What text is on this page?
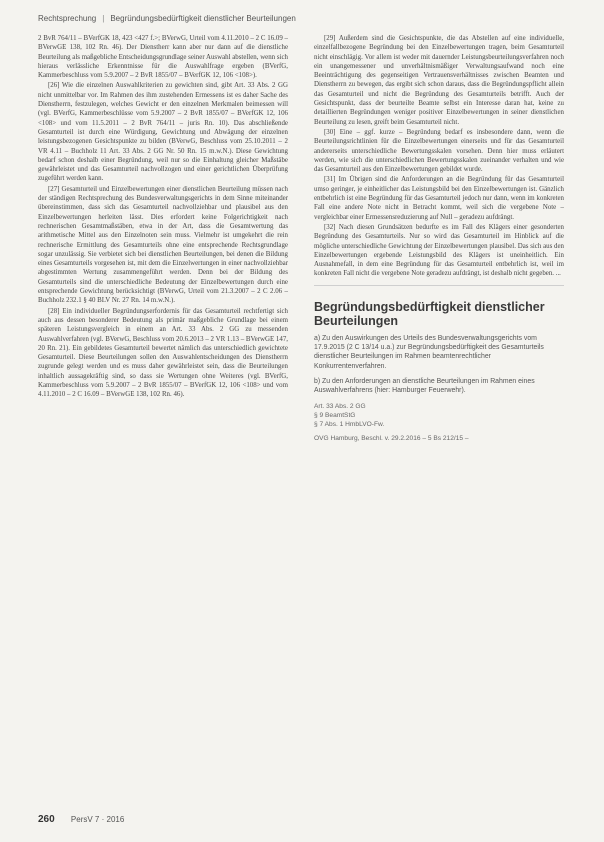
Rechtsprechung | Begründungsbedürftigkeit dienstlicher Beurteilungen

2 BvR 764/11 – BVerfGK 18, 423 <427 f.>; BVerwG, Urteil vom 4.11.2010 – 2 C 16.09 – BVerwGE 138, 102 Rn. 46). Der Dienstherr kann aber nur dann auf die dienstliche Beurteilung als maßgebliche Entscheidungsgrundlage seiner Auswahl abstellen, wenn sich hieraus verlässliche Erkenntnisse für die Auswahlfrage ergeben (BVerfG, Kammerbeschluss vom 5.9.2007 – 2 BvR 1855/07 – BVerfGK 12, 106 <108>).

[26] Wie die einzelnen Auswahlkriterien zu gewichten sind, gibt Art. 33 Abs. 2 GG nicht unmittelbar vor. Im Rahmen des ihm zustehenden Ermessens ist es daher Sache des Dienstherrn, festzulegen, welches Gewicht er den einzelnen Merkmalen beimessen will (vgl. BVerfG, Kammerbeschlüsse vom 5.9.2007 – 2 BvR 1855/07 – BVerfGK 12, 106 <108> und vom 11.5.2011 – 2 BvR 764/11 – juris Rn. 10). Das abschließende Gesamturteil ist durch eine Würdigung, Gewichtung und Abwägung der einzelnen leistungsbezogenen Gesichtspunkte zu bilden (BVerwG, Beschluss vom 25.10.2011 – 2 VR 4.11 – Buchholz 11 Art. 33 Abs. 2 GG Nr. 50 Rn. 15 m.w.N.). Diese Gewichtung bedarf schon deshalb einer Begründung, weil nur so die Einhaltung gleicher Maßstäbe gewährleistet und das Gesamturteil nachvollzogen und einer gerichtlichen Überprüfung zugeführt werden kann.

[27] Gesamturteil und Einzelbewertungen einer dienstlichen Beurteilung müssen nach der ständigen Rechtsprechung des Bundesverwaltungsgerichts in dem Sinne miteinander übereinstimmen, dass sich das Gesamturteil nachvollziehbar und plausibel aus den Einzelbewertungen herleiten lässt. Dies erfordert keine Folgerichtigkeit nach rechnerischen Gesamtmaßstäben, etwa in der Art, dass die Gesamtwertung das arithmetische Mittel aus den Einzelnoten sein muss. Vielmehr ist umgekehrt die rein rechnerische Ermittlung des Gesamturteils ohne eine entsprechende Rechtsgrundlage sogar unzulässig. Sie verbietet sich bei dienstlichen Beurteilungen, bei denen die Bildung eines Gesamturteils vorgesehen ist, mit dem die Einzelwertungen in einer nachvollziehbar abgestimmten Wertung zusammengeführt werden. Denn bei der Bildung des Gesamturteils sind die unterschiedliche Bedeutung der Einzelbewertungen durch eine entsprechende Gewichtung berücksichtigt (BVerwG, Urteil vom 21.3.2007 – 2 C 2.06 – Buchholz 232.1 § 40 BLV Nr. 27 Rn. 14 m.w.N.).

[28] Ein individueller Begründungserfordernis für das Gesamturteil rechtfertigt sich auch aus dessen besonderer Bedeutung als primär maßgebliche Grundlage bei einem späteren Leistungsvergleich in einem an Art. 33 Abs. 2 GG zu messenden Auswahlverfahren (vgl. BVerwG, Beschluss vom 20.6.2013 – 2 VR 1.13 – BVerwGE 147, 20 Rn. 21). Ein gebildetes Gesamturteil bewertet nämlich das unterschiedlich gewichtete Gesamturteil. Diese Beurteilungen sollen den Auswahlentscheidungen des Dienstherrn zugrunde gelegt werden und es muss daher gewährleistet sein, dass die Beurteilungen inhaltlich aussagekräftig sind, so dass sie Wertungen ohne Weiteres (vgl. BVerfG, Kammerbeschluss vom 5.9.2007 – 2 BvR 1855/07 – BVerfGK 12, 106 <108> und vom 4.11.2010 – 2 C 16.09 – BVerwGE 138, 102 Rn. 46).

[29] Außerdem sind die Gesichtspunkte, die das Abstellen auf eine individuelle, einzelfallbezogene Begründung bei den Einzelbewertungen tragen, beim Gesamturteil nicht einschlägig. Vor allem ist weder mit dauernder Leistungsbeurteilungsverfahren noch ein unangemessener und unverhältnismäßiger Verwaltungsaufwand noch eine Beeinträchtigung des gegenseitigen Vertrauensverhältnisses zwischen Beamten und Dienstherrn zu bewegen, das ergibt sich schon daraus, dass die Begründungspflicht allein das Gesamturteil und nicht die Begründung des Gesamturteils betrifft. Auch der Gesichtspunkt, dass der beurteilte Beamte selbst ein Interesse daran hat, keine zu detaillierten Begründungen weniger positiver Einzelbewertungen in seiner dienstlichen Beurteilung zu lesen, greift beim Gesamturteil nicht.

[30] Eine – ggf. kurze – Begründung bedarf es insbesondere dann, wenn die Beurteilungsrichtlinien für die Einzelbewertungen einerseits und für das Gesamturteil andererseits unterschiedliche Bewertungsskalen vorsehen. Denn hier muss erläutert werden, wie sich die unterschiedlichen Bewertungsskalen zueinander verhalten und wie das Gesamturteil aus den Einzelbewertungen gebildet wurde.

[31] Im Übrigen sind die Anforderungen an die Begründung für das Gesamturteil umso geringer, je einheitlicher das Leistungsbild bei den Einzelbewertungen ist. Gänzlich entbehrlich ist eine Begründung für das Gesamturteil jedoch nur dann, wenn im konkreten Fall eine andere Note nicht in Betracht kommt, weil sich die vergebene Note – vergleichbar einer Ermessensreduzierung auf Null – geradezu aufdrängt.

[32] Nach diesen Grundsätzen bedurfte es im Fall des Klägers einer gesonderten Begründung des Gesamturteils. Nur so wird das Gesamturteil im Hinblick auf die mögliche unterschiedliche Gewichtung der Einzelbewertungen plausibel. Das sich aus den Einzelbewertungen ergebende Leistungsbild des Klägers ist uneinheitlich. Ein Ausnahmefall, in dem eine Begründung für das Gesamturteil entbehrlich ist, weil im konkreten Fall nicht die vergebene Note geradezu aufdrängt, ist deshalb nicht gegeben. ...

Begründungsbedürftigkeit dienstlicher Beurteilungen
a) Zu den Auswirkungen des Urteils des Bundesverwaltungsgerichts vom 17.9.2015 (2 C 13/14 u.a.) zur Begründungsbedürftigkeit des Gesamturteils dienstlicher Beurteilungen im Rahmen beamtenrechtlicher Konkurrentenverfahren.
b) Zu den Anforderungen an dienstliche Beurteilungen im Rahmen eines Auswahlverfahrens (hier: Hamburger Feuerwehr).
Art. 33 Abs. 2 GG
§ 9 BeamtStG
§ 7 Abs. 1 HmbLVO-Fw.
OVG Hamburg, Beschl. v. 29.2.2016 – 5 Bs 212/15 –
260 PersV 7 · 2016
